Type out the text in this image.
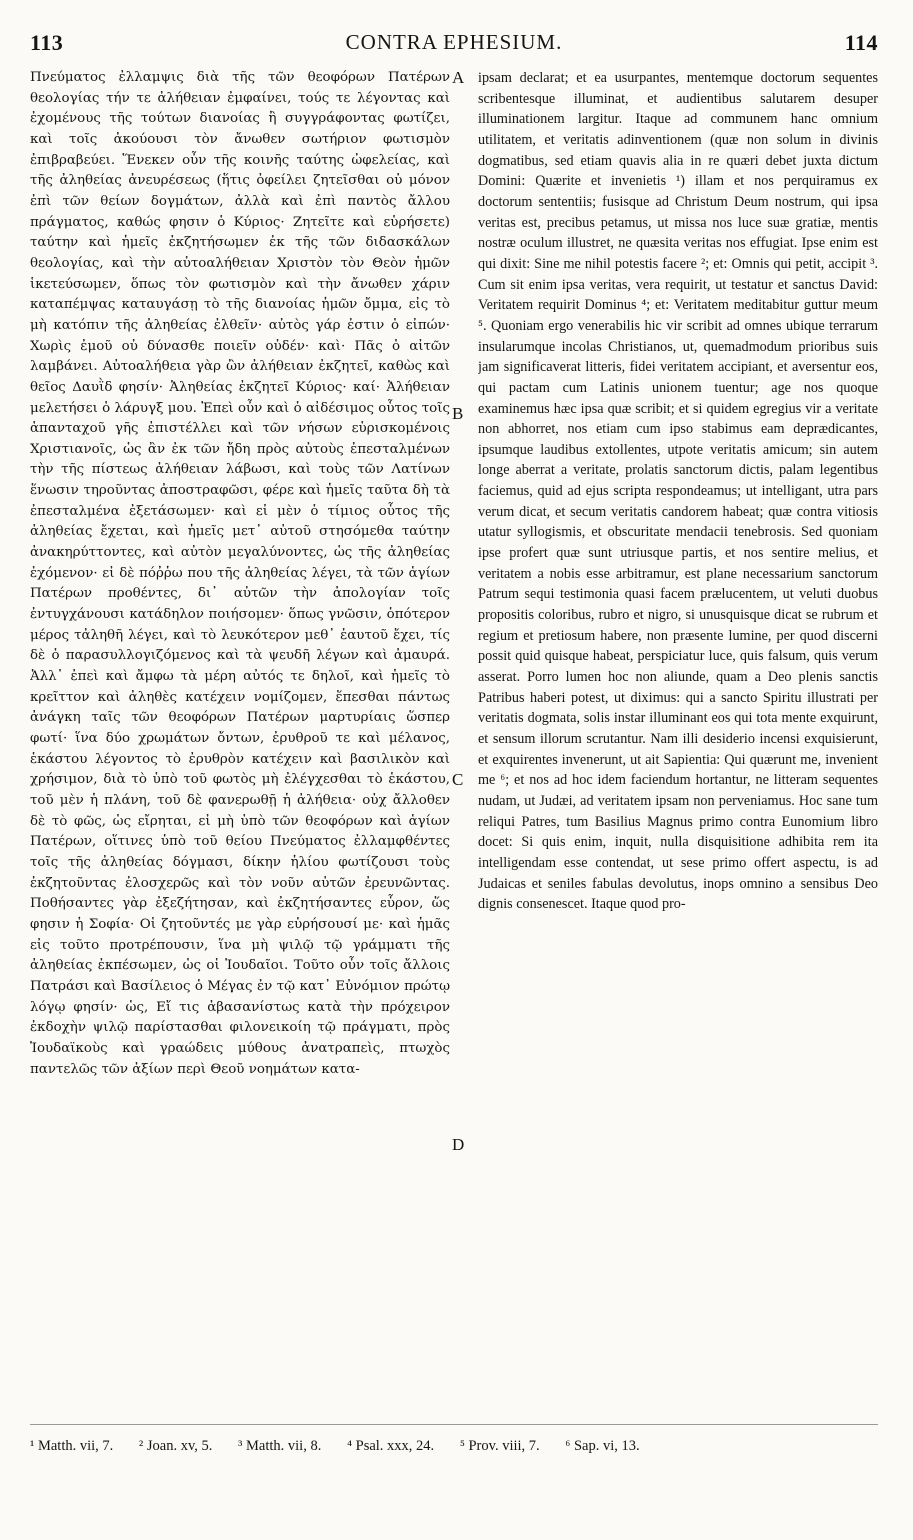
113	CONTRA EPHESIUM.	114

Πνεύματος ἐλλαμψις διὰ τῆς τῶν θεοφόρων Πατέρων θεολογίας τήν τε ἀλήθειαν ἐμφαίνει, τούς τε λέγοντας καὶ ἐχομένους τῆς τούτων διανοίας ἢ συγγράφοντας φωτίζει, καὶ τοῖς ἀκούουσι τὸν ἄνωθεν σωτήριον φωτισμὸν ἐπιβραβεύει. Ἕνεκεν οὖν τῆς κοινῆς ταύτης ὠφελείας, καὶ τῆς ἀληθείας ἀνευρέσεως (ἥτις ὀφείλει ζητεῖσθαι οὐ μόνον ἐπὶ τῶν θείων δογμάτων, ἀλλὰ καὶ ἐπὶ παντὸς ἄλλου πράγματος, καθώς φησιν ὁ Κύριος· Ζητεῖτε καὶ εὑρήσετε) ταύτην καὶ ἡμεῖς ἐκζητήσωμεν ἐκ τῆς τῶν διδασκάλων θεολογίας, καὶ τὴν αὐτοαλήθειαν Χριστὸν τὸν Θεὸν ἡμῶν ἱκετεύσωμεν, ὅπως τὸν φωτισμὸν καὶ τὴν ἄνωθεν χάριν καταπέμψας καταυγάσῃ τὸ τῆς διανοίας ἡμῶν ὄμμα, εἰς τὸ μὴ κατόπιν τῆς ἀληθείας ἐλθεῖν· αὐτὸς γάρ ἐστιν ὁ εἰπών· Χωρὶς ἐμοῦ οὐ δύνασθε ποιεῖν οὐδέν· καὶ· Πᾶς ὁ αἰτῶν λαμβάνει. Αὐτοαλήθεια γὰρ ὢν ἀλήθειαν ἐκζητεῖ, καθὼς καὶ θεῖος Δαυῒδ φησίν· Ἀληθείας ἐκζητεῖ Κύριος· καί· Ἀλήθειαν μελετήσει ὁ λάρυγξ μου. Ἐπεὶ οὖν καὶ ὁ αἰδέσιμος οὗτος τοῖς ἁπανταχοῦ γῆς ἐπιστέλλει καὶ τῶν νήσων εὑρισκομένοις Χριστιανοῖς, ὡς ἂν ἐκ τῶν ἤδη πρὸς αὐτοὺς ἐπεσταλμένων τὴν τῆς πίστεως ἀλήθειαν λάβωσι, καὶ τοὺς τῶν Λατίνων ἕνωσιν τηροῦντας ἀποστραφῶσι, φέρε καὶ ἡμεῖς ταῦτα δὴ τὰ ἐπεσταλμένα ἐξετάσωμεν· καὶ εἰ μὲν ὁ τίμιος οὗτος τῆς ἀληθείας ἔχεται, καὶ ἡμεῖς μετ᾽ αὐτοῦ στησόμεθα ταύτην ἀνακηρύττοντες, καὶ αὐτὸν μεγαλύνοντες, ὡς τῆς ἀληθείας ἐχόμενον· εἰ δὲ πόῤῥω που τῆς ἀληθείας λέγει, τὰ τῶν ἁγίων Πατέρων προθέντες, δι᾽ αὐτῶν τὴν ἀπολογίαν τοῖς ἐντυγχάνουσι κατάδηλον ποιήσομεν· ὅπως γνῶσιν, ὁπότερον μέρος τἀληθῆ λέγει, καὶ τὸ λευκότερον μεθ᾽ ἑαυτοῦ ἔχει, τίς δὲ ὁ παρασυλλογιζόμενος καὶ τὰ ψευδῆ λέγων καὶ ἀμαυρά. Ἀλλ᾽ ἐπεὶ καὶ ἄμφω τὰ μέρη αὐτός τε δηλοῖ, καὶ ἡμεῖς τὸ κρεῖττον καὶ ἀληθὲς κατέχειν νομίζομεν, ἕπεσθαι πάντως ἀνάγκη ταῖς τῶν θεοφόρων Πατέρων μαρτυρίαις ὥσπερ φωτί· ἵνα δύο χρωμάτων ὄντων, ἐρυθροῦ τε καὶ μέλανος, ἑκάστου λέγοντος τὸ ἐρυθρὸν κατέχειν καὶ βασιλικὸν καὶ χρήσιμον, διὰ τὸ ὑπὸ τοῦ φωτὸς μὴ ἐλέγχεσθαι τὸ ἑκάστου, τοῦ μὲν ἡ πλάνη, τοῦ δὲ φανερωθῇ ἡ ἀλήθεια· οὐχ ἄλλοθεν δὲ τὸ φῶς, ὡς εἴρηται, εἰ μὴ ὑπὸ τῶν θεοφόρων καὶ ἁγίων Πατέρων, οἵτινες ὑπὸ τοῦ θείου Πνεύματος ἐλλαμφθέντες τοῖς τῆς ἀληθείας δόγμασι, δίκην ἡλίου φωτίζουσι τοὺς ἐκζητοῦντας ἐλοσχερῶς καὶ τὸν νοῦν αὐτῶν ἐρευνῶντας. Ποθήσαντες γὰρ ἐξεζήτησαν, καὶ ἐκζητήσαντες εὗρον, ὥς φησιν ἡ Σοφία· Οἱ ζητοῦντές με γὰρ εὑρήσουσί με· καὶ ἡμᾶς εἰς τοῦτο προτρέπουσιν, ἵνα μὴ ψιλῷ τῷ γράμματι τῆς ἀληθείας ἐκπέσωμεν, ὡς οἱ Ἰουδαῖοι. Τοῦτο οὖν τοῖς ἄλλοις Πατράσι καὶ Βασίλειος ὁ Μέγας ἐν τῷ κατ᾽ Εὐνόμιον πρώτῳ λόγῳ φησίν· ὡς, Εἴ τις ἀβασανίστως κατὰ τὴν πρόχειρον ἐκδοχὴν ψιλῷ παρίστασθαι φιλονεικοίη τῷ πράγματι, πρὸς Ἰουδαϊκοὺς καὶ γραώδεις μύθους ἀνατραπεὶς, πτωχὸς παντελῶς τῶν ἀξίων περὶ Θεοῦ νοημάτων κατα-

A
B
C
D

ipsam declarat; et ea usurpantes, mentemque doctorum sequentes scribentesque illuminat, et audientibus salutarem desuper illuminationem largitur. Itaque ad communem hanc omnium utilitatem, et veritatis adinventionem (quæ non solum in divinis dogmatibus, sed etiam quavis alia in re quæri debet juxta dictum Domini: Quærite et invenietis ¹) illam et nos perquiramus ex doctorum sententiis; fusisque ad Christum Deum nostrum, qui ipsa veritas est, precibus petamus, ut missa nos luce suæ gratiæ, mentis nostræ oculum illustret, ne quæsita veritas nos effugiat. Ipse enim est qui dixit: Sine me nihil potestis facere ²; et: Omnis qui petit, accipit ³. Cum sit enim ipsa veritas, vera requirit, ut testatur et sanctus David: Veritatem requirit Dominus ⁴; et: Veritatem meditabitur guttur meum ⁵. Quoniam ergo venerabilis hic vir scribit ad omnes ubique terrarum insularumque incolas Christianos, ut, quemadmodum prioribus suis jam significaverat litteris, fidei veritatem accipiant, et aversentur eos, qui pactam cum Latinis unionem tuentur; age nos quoque examinemus hæc ipsa quæ scribit; et si quidem egregius vir a veritate non abhorret, nos etiam cum ipso stabimus eam deprædicantes, ipsumque laudibus extollentes, utpote veritatis amicum; sin autem longe aberrat a veritate, prolatis sanctorum dictis, palam legentibus faciemus, quid ad ejus scripta respondeamus; ut intelligant, utra pars verum dicat, et secum veritatis candorem habeat; quæ contra vitiosis utatur syllogismis, et obscuritate mendacii tenebrosis. Sed quoniam ipse profert quæ sunt utriusque partis, et nos sentire melius, et veritatem a nobis esse arbitramur, est plane necessarium sanctorum Patrum sequi testimonia quasi facem prælucentem, ut veluti duobus propositis coloribus, rubro et nigro, si unusquisque dicat se rubrum et regium et pretiosum habere, non præsente lumine, per quod discerni possit quid quisque habeat, perspiciatur luce, quis falsum, quis verum asserat. Porro lumen hoc non aliunde, quam a Deo plenis sanctis Patribus haberi potest, ut diximus: qui a sancto Spiritu illustrati per veritatis dogmata, solis instar illuminant eos qui tota mente exquirunt, et sensum illorum scrutantur. Nam illi desiderio incensi exquisierunt, et exquirentes invenerunt, ut ait Sapientia: Qui quærunt me, invenient me ⁶; et nos ad hoc idem faciendum hortantur, ne litteram sequentes nudam, ut Judæi, ad veritatem ipsam non perveniamus. Hoc sane tum reliqui Patres, tum Basilius Magnus primo contra Eunomium libro docet: Si quis enim, inquit, nulla disquisitione adhibita rem ita intelligendam esse contendat, ut sese primo offert aspectu, is ad Judaicas et seniles fabulas devolutus, inops omnino a sensibus Deo dignis consenescet. Itaque quod pro-

¹ Matth. vii, 7. ² Joan. xv, 5. ³ Matth. vii, 8. ⁴ Psal. xxx, 24. ⁵ Prov. viii, 7. ⁶ Sap. vi, 13.
